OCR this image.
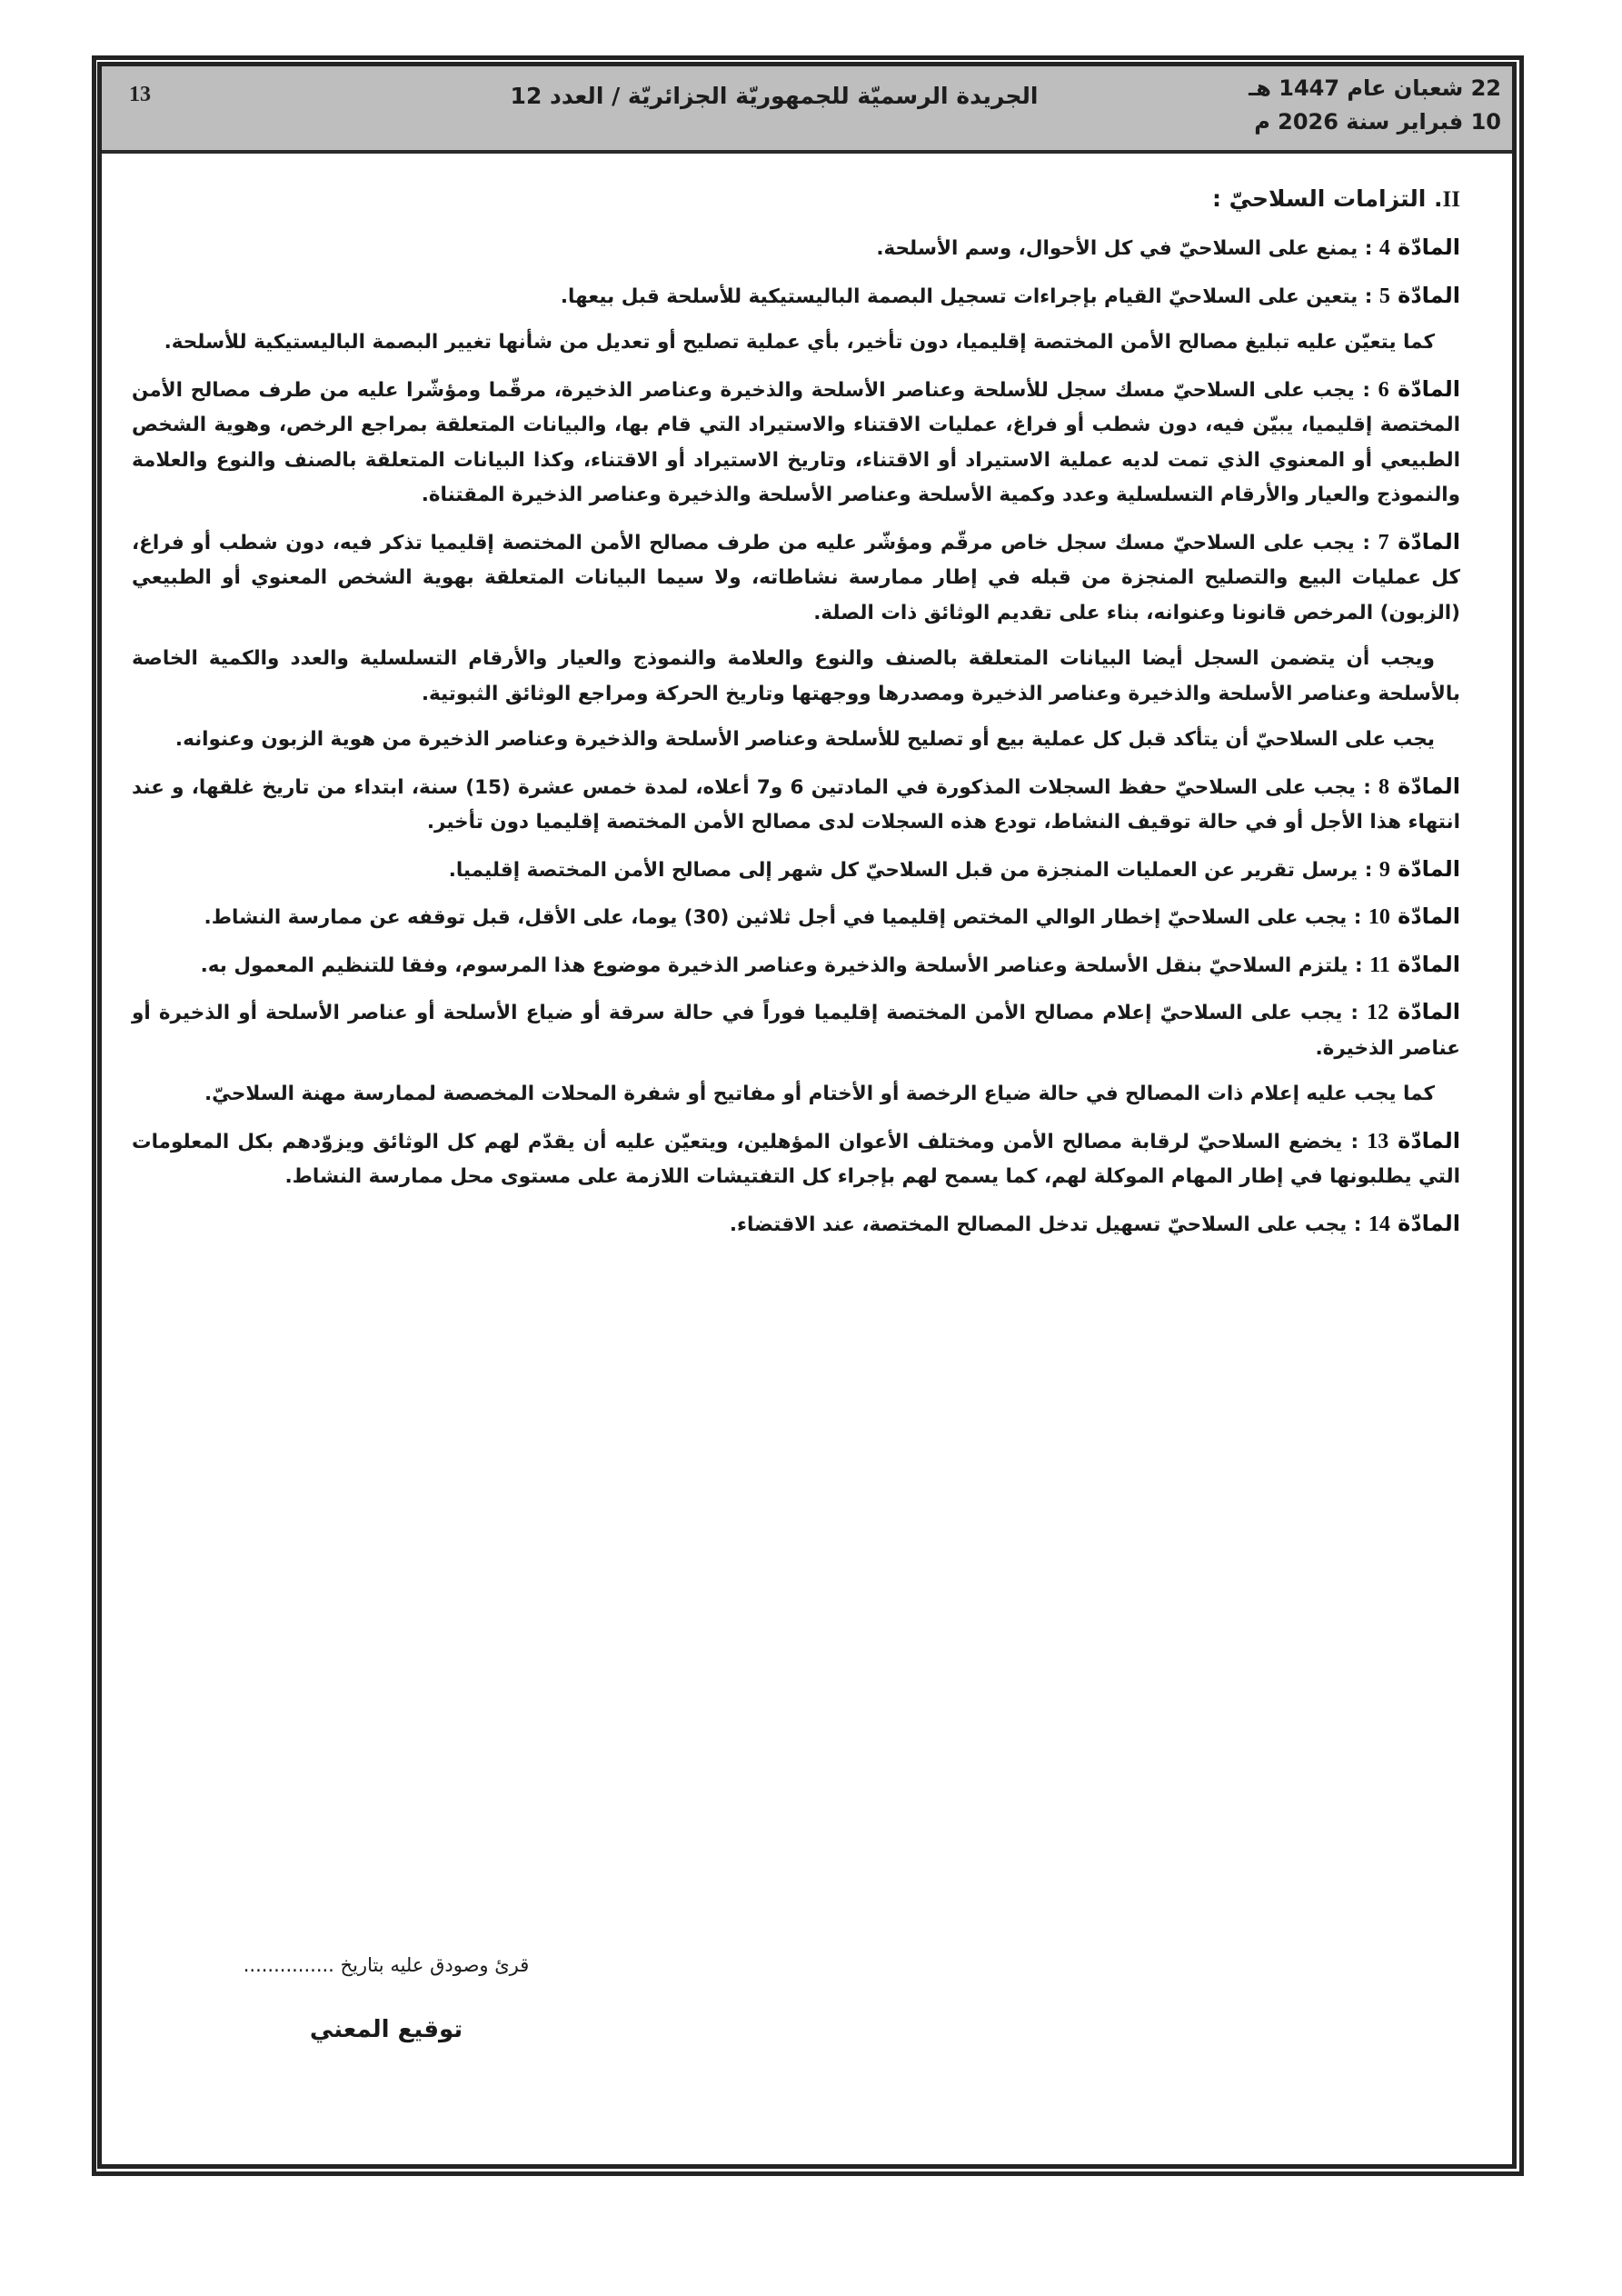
13	الجريدة الرسميّة للجمهوريّة الجزائريّة / العدد 12	22 شعبان عام 1447 هـ
10 فبراير سنة 2026 م
II. التزامات السلاحيّ :

المادّة 4 : يمنع على السلاحيّ في كل الأحوال، وسم الأسلحة.

المادّة 5 : يتعين على السلاحيّ القيام بإجراءات تسجيل البصمة الباليستيكية للأسلحة قبل بيعها.

كما يتعيّن عليه تبليغ مصالح الأمن المختصة إقليميا، دون تأخير، بأي عملية تصليح أو تعديل من شأنها تغيير البصمة الباليستيكية للأسلحة.

المادّة 6 : يجب على السلاحيّ مسك سجل للأسلحة وعناصر الأسلحة والذخيرة وعناصر الذخيرة، مرقّما ومؤشّرا عليه من طرف مصالح الأمن المختصة إقليميا، يبيّن فيه، دون شطب أو فراغ، عمليات الاقتناء والاستيراد التي قام بها، والبيانات المتعلقة بمراجع الرخص، وهوية الشخص الطبيعي أو المعنوي الذي تمت لديه عملية الاستيراد أو الاقتناء، وتاريخ الاستيراد أو الاقتناء، وكذا البيانات المتعلقة بالصنف والنوع والعلامة والنموذج والعيار والأرقام التسلسلية وعدد وكمية الأسلحة وعناصر الأسلحة والذخيرة وعناصر الذخيرة المقتناة.

المادّة 7 : يجب على السلاحيّ مسك سجل خاص مرقّم ومؤشّر عليه من طرف مصالح الأمن المختصة إقليميا تذكر فيه، دون شطب أو فراغ، كل عمليات البيع والتصليح المنجزة من قبله في إطار ممارسة نشاطاته، ولا سيما البيانات المتعلقة بهوية الشخص المعنوي أو الطبيعي (الزبون) المرخص قانونا وعنوانه، بناء على تقديم الوثائق ذات الصلة.

ويجب أن يتضمن السجل أيضا البيانات المتعلقة بالصنف والنوع والعلامة والنموذج والعيار والأرقام التسلسلية والعدد والكمية الخاصة بالأسلحة وعناصر الأسلحة والذخيرة وعناصر الذخيرة ومصدرها ووجهتها وتاريخ الحركة ومراجع الوثائق الثبوتية.

يجب على السلاحيّ أن يتأكد قبل كل عملية بيع أو تصليح للأسلحة وعناصر الأسلحة والذخيرة وعناصر الذخيرة من هوية الزبون وعنوانه.

المادّة 8 : يجب على السلاحيّ حفظ السجلات المذكورة في المادتين 6 و7 أعلاه، لمدة خمس عشرة (15) سنة، ابتداء من تاريخ غلقها، و عند انتهاء هذا الأجل أو في حالة توقيف النشاط، تودع هذه السجلات لدى مصالح الأمن المختصة إقليميا دون تأخير.

المادّة 9 : يرسل تقرير عن العمليات المنجزة من قبل السلاحيّ كل شهر إلى مصالح الأمن المختصة إقليميا.

المادّة 10 : يجب على السلاحيّ إخطار الوالي المختص إقليميا في أجل ثلاثين (30) يوما، على الأقل، قبل توقفه عن ممارسة النشاط.

المادّة 11 : يلتزم السلاحيّ بنقل الأسلحة وعناصر الأسلحة والذخيرة وعناصر الذخيرة موضوع هذا المرسوم، وفقا للتنظيم المعمول به.

المادّة 12 : يجب على السلاحيّ إعلام مصالح الأمن المختصة إقليميا فوراً في حالة سرقة أو ضياع الأسلحة أو عناصر الأسلحة أو الذخيرة أو عناصر الذخيرة.

كما يجب عليه إعلام ذات المصالح في حالة ضياع الرخصة أو الأختام أو مفاتيح أو شفرة المحلات المخصصة لممارسة مهنة السلاحيّ.

المادّة 13 : يخضع السلاحيّ لرقابة مصالح الأمن ومختلف الأعوان المؤهلين، ويتعيّن عليه أن يقدّم لهم كل الوثائق ويزوّدهم بكل المعلومات التي يطلبونها في إطار المهام الموكلة لهم، كما يسمح لهم بإجراء كل التفتيشات اللازمة على مستوى محل ممارسة النشاط.

المادّة 14 : يجب على السلاحيّ تسهيل تدخل المصالح المختصة، عند الاقتضاء.

قرئ وصودق عليه بتاريخ ...............
توقيع المعني
